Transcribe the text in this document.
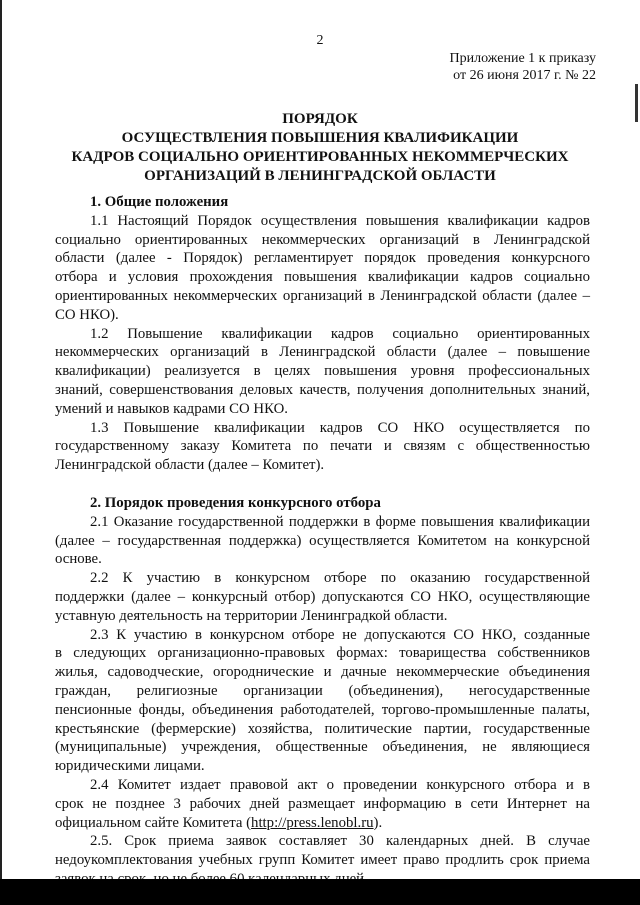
2
Приложение 1 к приказу
от 26 июня 2017 г. № 22
ПОРЯДОК
ОСУЩЕСТВЛЕНИЯ ПОВЫШЕНИЯ КВАЛИФИКАЦИИ
КАДРОВ СОЦИАЛЬНО ОРИЕНТИРОВАННЫХ НЕКОММЕРЧЕСКИХ
ОРГАНИЗАЦИЙ В ЛЕНИНГРАДСКОЙ ОБЛАСТИ
1. Общие положения
1.1 Настоящий Порядок осуществления повышения квалификации кадров
социально ориентированных некоммерческих организаций в Ленинградской
области (далее - Порядок) регламентирует порядок проведения конкурсного
отбора и условия прохождения повышения квалификации кадров социально
ориентированных некоммерческих организаций в Ленинградской области (далее –
СО НКО).
1.2 Повышение квалификации кадров социально ориентированных
некоммерческих организаций в Ленинградской области (далее – повышение
квалификации) реализуется в целях повышения уровня профессиональных
знаний, совершенствования деловых качеств, получения дополнительных знаний,
умений и навыков кадрами СО НКО.
1.3 Повышение квалификации кадров СО НКО осуществляется по
государственному заказу Комитета по печати и связям с общественностью
Ленинградской области (далее – Комитет).
2. Порядок проведения конкурсного отбора
2.1 Оказание государственной поддержки в форме повышения квалификации
(далее – государственная поддержка) осуществляется Комитетом на конкурсной
основе.
2.2 К участию в конкурсном отборе по оказанию государственной
поддержки (далее – конкурсный отбор) допускаются СО НКО, осуществляющие
уставную деятельность на территории Ленинградкой области.
2.3 К участию в конкурсном отборе не допускаются СО НКО, созданные
в следующих организационно-правовых формах: товарищества собственников
жилья, садоводческие, огороднические и дачные некоммерческие объединения
граждан, религиозные организации (объединения), негосударственные
пенсионные фонды, объединения работодателей, торгово-промышленные палаты,
крестьянские (фермерские) хозяйства, политические партии, государственные
(муниципальные) учреждения, общественные объединения, не являющиеся
юридическими лицами.
2.4 Комитет издает правовой акт о проведении конкурсного отбора и в
срок не позднее 3 рабочих дней размещает информацию в сети Интернет на
официальном сайте Комитета (http://press.lenobl.ru).
2.5. Срок приема заявок составляет 30 календарных дней. В случае
недоукомплектования учебных групп Комитет имеет право продлить срок приема
